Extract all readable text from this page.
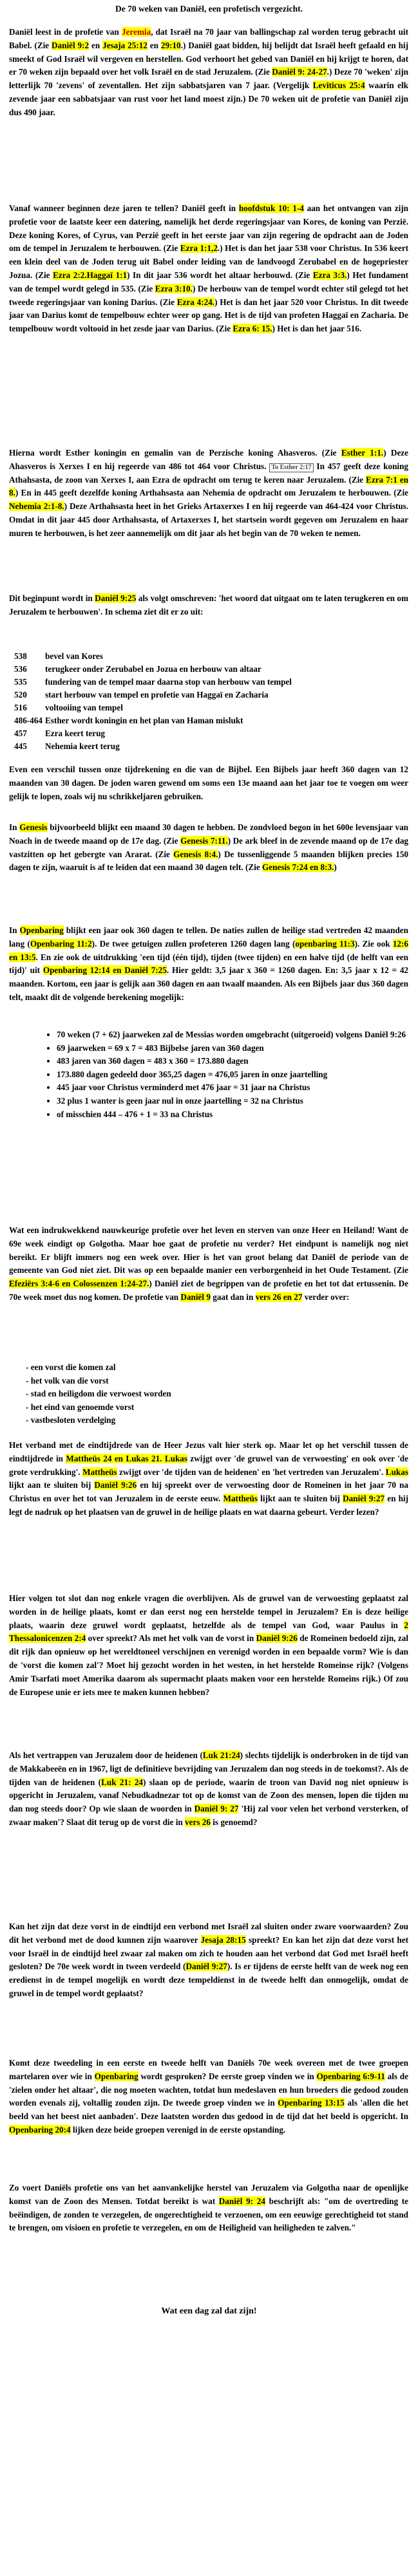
De 70 weken van Daniël, een profetisch vergezicht.
Daniël leest in de profetie van Jeremia, dat Israël na 70 jaar van ballingschap zal worden terug gebracht uit Babel. (Zie Daniël 9:2 en Jesaja 25:12 en 29:10.) Daniël gaat bidden, hij belijdt dat Israël heeft gefaald en hij smeekt of God Israël wil vergeven en herstellen. God verhoort het gebed van Daniël en hij krijgt te horen, dat er 70 weken zijn bepaald over het volk Israël en de stad Jeruzalem. (Zie Daniël 9: 24-27.) Deze 70 'weken' zijn letterlijk 70 'zevens' of zeventallen. Het zijn sabbatsjaren van 7 jaar. (Vergelijk Leviticus 25:4 waarin elk zevende jaar een sabbatsjaar van rust voor het land moest zijn.) De 70 weken uit de profetie van Daniël zijn dus 490 jaar.
Vanaf wanneer beginnen deze jaren te tellen? Daniël geeft in hoofdstuk 10: 1-4 aan het ontvangen van zijn profetie voor de laatste keer een datering, namelijk het derde regeringsjaar van Kores, de koning van Perzië. Deze koning Kores, of Cyrus, van Perzië geeft in het eerste jaar van zijn regering de opdracht aan de Joden om de tempel in Jeruzalem te herbouwen. (Zie Ezra 1:1,2.) Het is dan het jaar 538 voor Christus. In 536 keert een klein deel van de Joden terug uit Babel onder leiding van de landvoogd Zerubabel en de hogepriester Jozua. (Zie Ezra 2:2.Haggaï 1:1) In dit jaar 536 wordt het altaar herbouwd. (Zie Ezra 3:3.) Het fundament van de tempel wordt gelegd in 535. (Zie Ezra 3:10.) De herbouw van de tempel wordt echter stil gelegd tot het tweede regeringsjaar van koning Darius. (Zie Ezra 4:24.) Het is dan het jaar 520 voor Christus. In dit tweede jaar van Darius komt de tempelbouw echter weer op gang. Het is de tijd van profeten Haggaï en Zacharia. De tempelbouw wordt voltooid in het zesde jaar van Darius. (Zie Ezra 6: 15.) Het is dan het jaar 516.
Hierna wordt Esther koningin en gemalin van de Perzische koning Ahasveros. (Zie Esther 1:1.) Deze Ahasveros is Xerxes I en hij regeerde van 486 tot 464 voor Christus. To Esther 2:17 In 457 geeft deze koning Athahsasta, de zoon van Xerxes I, aan Ezra de opdracht om terug te keren naar Jeruzalem. (Zie Ezra 7:1 en 8.) En in 445 geeft dezelfde koning Arthahsasta aan Nehemia de opdracht om Jeruzalem te herbouwen. (Zie Nehemia 2:1-8.) Deze Arthahsasta heet in het Grieks Artaxerxes I en hij regeerde van 464-424 voor Christus. Omdat in dit jaar 445 door Arthahsasta, of Artaxerxes I, het startsein wordt gegeven om Jeruzalem en haar muren te herbouwen, is het zeer aannemelijk om dit jaar als het begin van de 70 weken te nemen.
Dit beginpunt wordt in Daniël 9:25 als volgt omschreven: 'het woord dat uitgaat om te laten terugkeren en om Jeruzalem te herbouwen'. In schema ziet dit er zo uit:
538	bevel van Kores
536	terugkeer onder Zerubabel en Jozua en herbouw van altaar
535	fundering van de tempel maar daarna stop van herbouw van tempel
520	start herbouw van tempel en profetie van Haggaï en Zacharia
516	voltooiing van tempel
486-464 Esther wordt koningin en het plan van Haman mislukt
457	Ezra keert terug
445	Nehemia keert terug
Even een verschil tussen onze tijdrekening en die van de Bijbel. Een Bijbels jaar heeft 360 dagen van 12 maanden van 30 dagen. De joden waren gewend om soms een 13e maand aan het jaar toe te voegen om weer gelijk te lopen, zoals wij nu schrikkeljaren gebruiken.
In Genesis bijvoorbeeld blijkt een maand 30 dagen te hebben. De zondvloed begon in het 600e levensjaar van Noach in de tweede maand op de 17e dag. (Zie Genesis 7:11.) De ark bleef in de zevende maand op de 17e dag vastzitten op het gebergte van Ararat. (Zie Genesis 8:4.) De tussenliggende 5 maanden blijken precies 150 dagen te zijn, waaruit is af te leiden dat een maand 30 dagen telt. (Zie Genesis 7:24 en 8:3.)
In Openbaring blijkt een jaar ook 360 dagen te tellen. De naties zullen de heilige stad vertreden 42 maanden lang (Openbaring 11:2). De twee getuigen zullen profeteren 1260 dagen lang (openbaring 11:3). Zie ook 12:6 en 13:5. En zie ook de uitdrukking 'een tijd (één tijd), tijden (twee tijden) en een halve tijd (de helft van een tijd)' uit Openbaring 12:14 en Daniël 7:25. Hier geldt: 3,5 jaar x 360 = 1260 dagen. En: 3,5 jaar x 12 = 42 maanden. Kortom, een jaar is gelijk aan 360 dagen en aan twaalf maanden. Als een Bijbels jaar dus 360 dagen telt, maakt dit de volgende berekening mogelijk:
• 70 weken (7 + 62) jaarweken zal de Messias worden omgebracht (uitgeroeid) volgens Daniël 9:26
• 69 jaarweken = 69 x 7 = 483 Bijbelse jaren van 360 dagen
• 483 jaren van 360 dagen = 483 x 360 = 173.880 dagen
• 173.880 dagen gedeeld door 365,25 dagen = 476,05 jaren in onze jaartelling
• 445 jaar voor Christus verminderd met 476 jaar = 31 jaar na Christus
• 32 plus 1 wanter is geen jaar nul in onze jaartelling = 32 na Christus
• of misschien 444 – 476 + 1 = 33 na Christus
Wat een indrukwekkend nauwkeurige profetie over het leven en sterven van onze Heer en Heiland! Want de 69e week eindigt op Golgotha. Maar hoe gaat de profetie nu verder? Het eindpunt is namelijk nog niet bereikt. Er blijft immers nog een week over. Hier is het van groot belang dat Daniël de periode van de gemeente van God niet ziet. Dit was op een bepaalde manier een verborgenheid in het Oude Testament. (Zie Efeziërs 3:4-6 en Colossenzen 1:24-27.) Daniël ziet de begrippen van de profetie en het tot dat ertussenin. De 70e week moet dus nog komen. De profetie van Daniël 9 gaat dan in vers 26 en 27 verder over:
- een vorst die komen zal
- het volk van die vorst
- stad en heiligdom die verwoest worden
- het eind van genoemde vorst
- vastbesloten verdelging
Het verband met de eindtijdrede van de Heer Jezus valt hier sterk op. Maar let op het verschil tussen de eindtijdrede in Mattheüs 24 en Lukas 21. Lukas zwijgt over 'de gruwel van de verwoesting' en ook over 'de grote verdrukking'. Mattheüs zwijgt over 'de tijden van de heidenen' en 'het vertreden van Jeruzalem'. Lukas lijkt aan te sluiten bij Daniël 9:26 en hij spreekt over de verwoesting door de Romeinen in het jaar 70 na Christus en over het tot van Jeruzalem in de eerste eeuw. Mattheüs lijkt aan te sluiten bij Daniël 9:27 en hij legt de nadruk op het plaatsen van de gruwel in de heilige plaats en wat daarna gebeurt. Verder lezen?
Hier volgen tot slot dan nog enkele vragen die overblijven. Als de gruwel van de verwoesting geplaatst zal worden in de heilige plaats, komt er dan eerst nog een herstelde tempel in Jeruzalem? En is deze heilige plaats, waarin deze gruwel wordt geplaatst, hetzelfde als de tempel van God, waar Paulus in 2 Thessalonicenzen 2:4 over spreekt? Als met het volk van de vorst in Daniël 9:26 de Romeinen bedoeld zijn, zal dit rijk dan opnieuw op het wereldtoneel verschijnen en verenigd worden in een bepaalde vorm? Wie is dan de 'vorst die komen zal'? Moet hij gezocht worden in het westen, in het herstelde Romeinse rijk? (Volgens Amir Tsarfati moet Amerika daarom als supermacht plaats maken voor een herstelde Romeins rijk.) Of zou de Europese unie er iets mee te maken kunnen hebben?
Als het vertrappen van Jeruzalem door de heidenen (Luk 21:24) slechts tijdelijk is onderbroken in de tijd van de Makkabeeën en in 1967, ligt de definitieve bevrijding van Jeruzalem dan nog steeds in de toekomst?. Als de tijden van de heidenen (Luk 21: 24) slaan op de periode, waarin de troon van David nog niet opnieuw is opgericht in Jeruzalem, vanaf Nebudkadnezar tot op de komst van de Zoon des mensen, lopen die tijden nu dan nog steeds door? Op wie slaan de woorden in Daniël 9: 27 'Hij zal voor velen het verbond versterken, of zwaar maken'? Slaat dit terug op de vorst die in vers 26 is genoemd?
Kan het zijn dat deze vorst in de eindtijd een verbond met Israël zal sluiten onder zware voorwaarden? Zou dit het verbond met de dood kunnen zijn waarover Jesaja 28:15 spreekt? En kan het zijn dat deze vorst het voor Israël in de eindtijd heel zwaar zal maken om zich te houden aan het verbond dat God met Israël heeft gesloten? De 70e week wordt in tween verdeeld (Daniël 9:27). Is er tijdens de eerste helft van de week nog een eredienst in de tempel mogelijk en wordt deze tempeldienst in de tweede helft dan onmogelijk, omdat de gruwel in de tempel wordt geplaatst?
Komt deze tweedeling in een eerste en tweede helft van Daniëls 70e week overeen met de twee groepen martelaren over wie in Openbaring wordt gesproken? De eerste groep vinden we in Openbaring 6:9-11 als de 'zielen onder het altaar', die nog moeten wachten, totdat hun medeslaven en hun broeders die gedood zouden worden evenals zij, voltallig zouden zijn. De tweede groep vinden we in Openbaring 13:15 als 'allen die het beeld van het beest niet aanbaden'. Deze laatsten worden dus gedood in de tijd dat het beeld is opgericht. In Openbaring 20:4 lijken deze beide groepen verenigd in de eerste opstanding.
Zo voert Daniëls profetie ons van het aanvankelijke herstel van Jeruzalem via Golgotha naar de openlijke komst van de Zoon des Mensen. Totdat bereikt is wat Daniël 9: 24 beschrijft als: "om de overtreding te beëindigen, de zonden te verzegelen, de ongerechtigheid te verzoenen, om een eeuwige gerechtigheid tot stand te brengen, om visioen en profetie te verzegelen, en om de Heiligheid van heiligheden te zalven."
Wat een dag zal dat zijn!
